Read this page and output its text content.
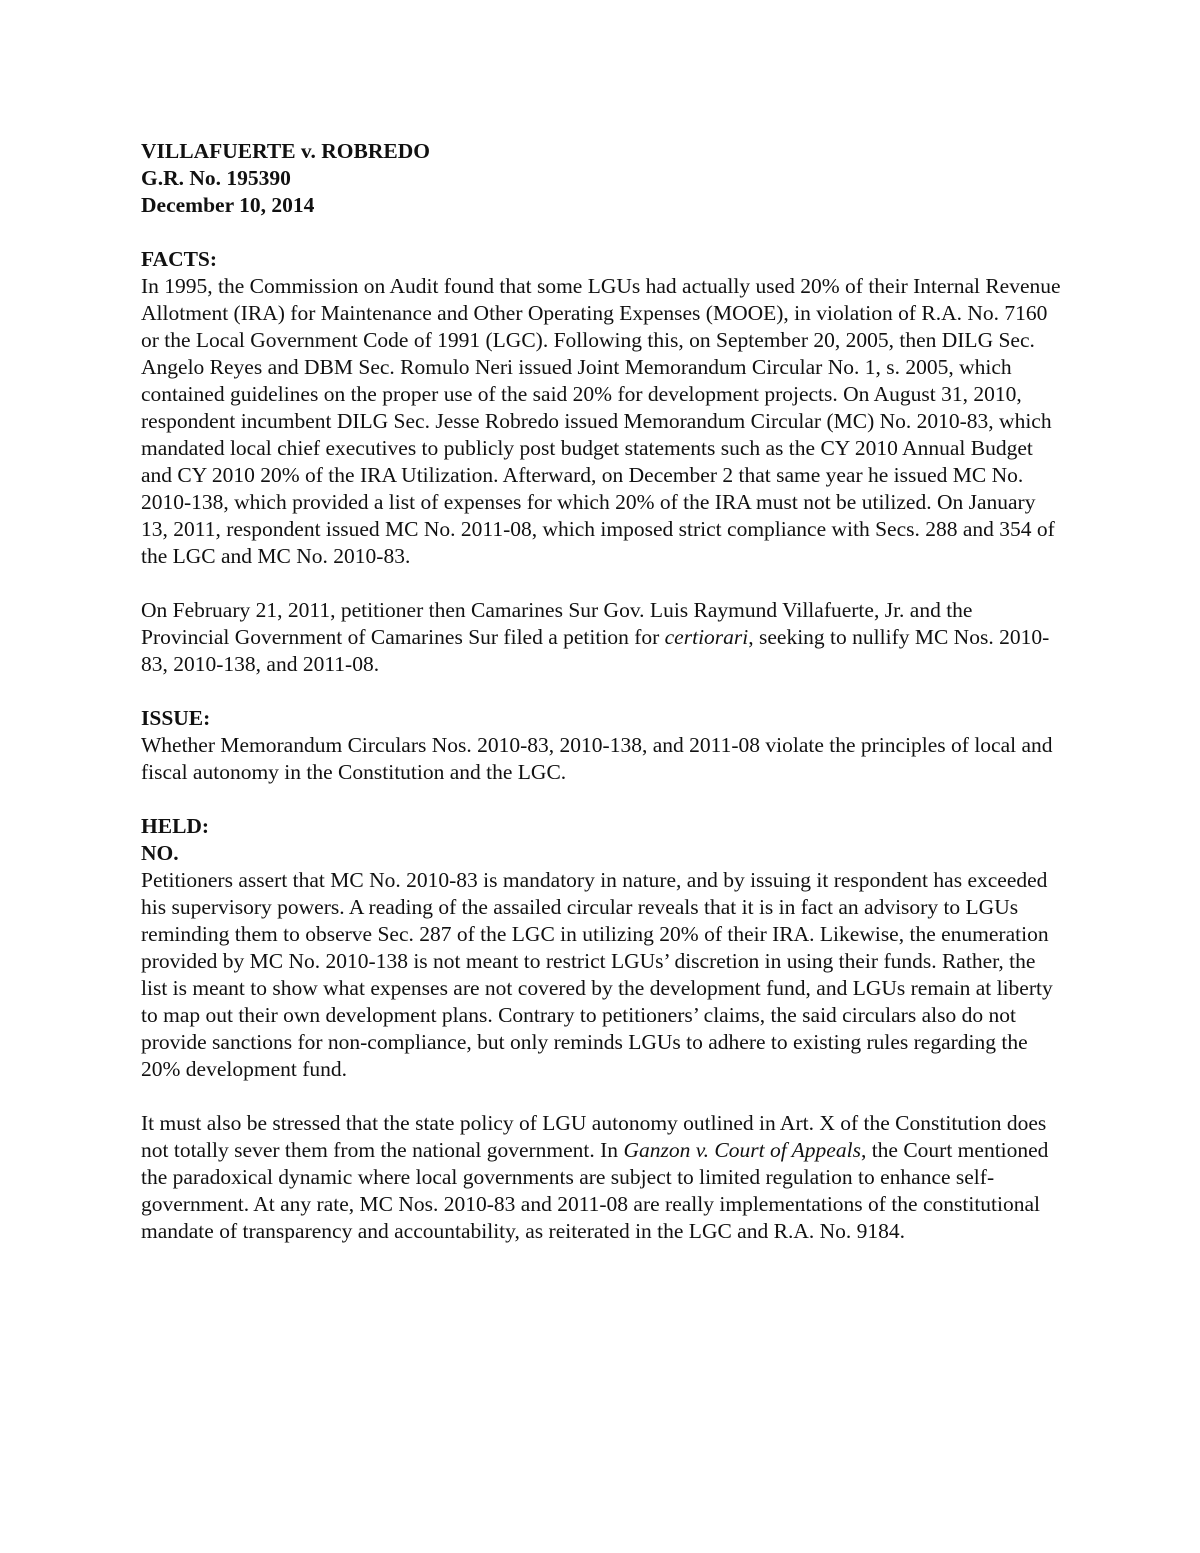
VILLAFUERTE v. ROBREDO
G.R. No. 195390
December 10, 2014
FACTS:

In 1995, the Commission on Audit found that some LGUs had actually used 20% of their Internal Revenue Allotment (IRA) for Maintenance and Other Operating Expenses (MOOE), in violation of R.A. No. 7160 or the Local Government Code of 1991 (LGC). Following this, on September 20, 2005, then DILG Sec. Angelo Reyes and DBM Sec. Romulo Neri issued Joint Memorandum Circular No. 1, s. 2005, which contained guidelines on the proper use of the said 20% for development projects. On August 31, 2010, respondent incumbent DILG Sec. Jesse Robredo issued Memorandum Circular (MC) No. 2010-83, which mandated local chief executives to publicly post budget statements such as the CY 2010 Annual Budget and CY 2010 20% of the IRA Utilization. Afterward, on December 2 that same year he issued MC No. 2010-138, which provided a list of expenses for which 20% of the IRA must not be utilized. On January 13, 2011, respondent issued MC No. 2011-08, which imposed strict compliance with Secs. 288 and 354 of the LGC and MC No. 2010-83.

On February 21, 2011, petitioner then Camarines Sur Gov. Luis Raymund Villafuerte, Jr. and the Provincial Government of Camarines Sur filed a petition for certiorari, seeking to nullify MC Nos. 2010-83, 2010-138, and 2011-08.

ISSUE:

Whether Memorandum Circulars Nos. 2010-83, 2010-138, and 2011-08 violate the principles of local and fiscal autonomy in the Constitution and the LGC.

HELD:
NO.

Petitioners assert that MC No. 2010-83 is mandatory in nature, and by issuing it respondent has exceeded his supervisory powers. A reading of the assailed circular reveals that it is in fact an advisory to LGUs reminding them to observe Sec. 287 of the LGC in utilizing 20% of their IRA. Likewise, the enumeration provided by MC No. 2010-138 is not meant to restrict LGUs’ discretion in using their funds. Rather, the list is meant to show what expenses are not covered by the development fund, and LGUs remain at liberty to map out their own development plans. Contrary to petitioners’ claims, the said circulars also do not provide sanctions for non-compliance, but only reminds LGUs to adhere to existing rules regarding the 20% development fund.

It must also be stressed that the state policy of LGU autonomy outlined in Art. X of the Constitution does not totally sever them from the national government. In Ganzon v. Court of Appeals, the Court mentioned the paradoxical dynamic where local governments are subject to limited regulation to enhance self-government. At any rate, MC Nos. 2010-83 and 2011-08 are really implementations of the constitutional mandate of transparency and accountability, as reiterated in the LGC and R.A. No. 9184.
